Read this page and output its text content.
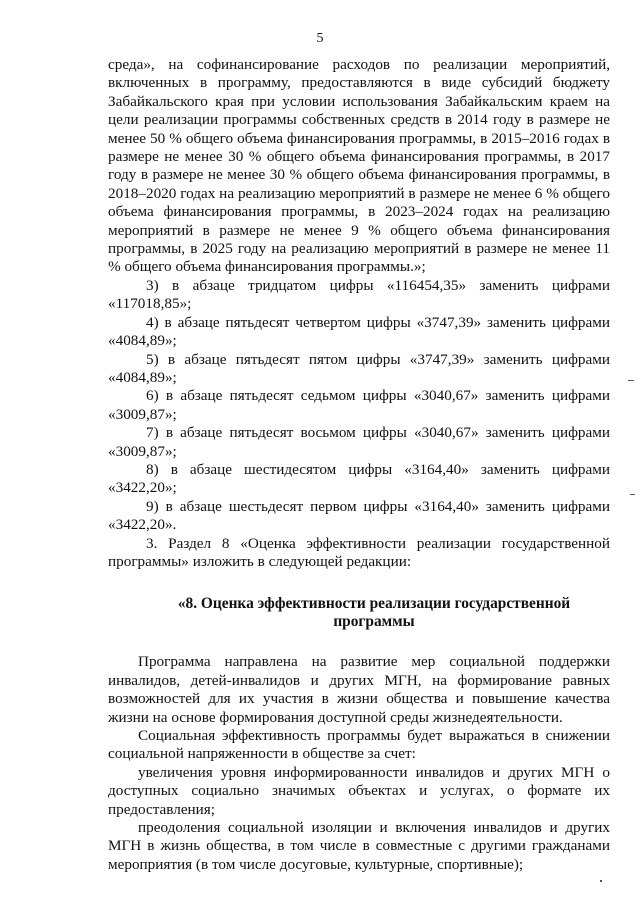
5

среда», на софинансирование расходов по реализации мероприятий, включенных в программу, предоставляются в виде субсидий бюджету Забайкальского края при условии использования Забайкальским краем на цели реализации программы собственных средств в 2014 году в размере не менее 50 % общего объема финансирования программы, в 2015–2016 годах в размере не менее 30 % общего объема финансирования программы, в 2017 году в размере не менее 30 % общего объема финансирования программы, в 2018–2020 годах на реализацию мероприятий в размере не менее 6 % общего объема финансирования программы, в 2023–2024 годах на реализацию мероприятий в размере не менее 9 % общего объема финансирования программы, в 2025 году на реализацию мероприятий в размере не менее 11 % общего объема финансирования программы.»;

3) в абзаце тридцатом цифры «116454,35» заменить цифрами «117018,85»;

4) в абзаце пятьдесят четвертом цифры «3747,39» заменить цифрами «4084,89»;

5) в абзаце пятьдесят пятом цифры «3747,39» заменить цифрами «4084,89»;

6) в абзаце пятьдесят седьмом цифры «3040,67» заменить цифрами «3009,87»;

7) в абзаце пятьдесят восьмом цифры «3040,67» заменить цифрами «3009,87»;

8) в абзаце шестидесятом цифры «3164,40» заменить цифрами «3422,20»;

9) в абзаце шестьдесят первом цифры «3164,40» заменить цифрами «3422,20».

3. Раздел 8 «Оценка эффективности реализации государственной программы» изложить в следующей редакции:

«8. Оценка эффективности реализации государственной программы

Программа направлена на развитие мер социальной поддержки инвалидов, детей-инвалидов и других МГН, на формирование равных возможностей для их участия в жизни общества и повышение качества жизни на основе формирования доступной среды жизнедеятельности.

Социальная эффективность программы будет выражаться в снижении социальной напряженности в обществе за счет:

увеличения уровня информированности инвалидов и других МГН о доступных социально значимых объектах и услугах, о формате их предоставления;

преодоления социальной изоляции и включения инвалидов и других МГН в жизнь общества, в том числе в совместные с другими гражданами мероприятия (в том числе досуговые, культурные, спортивные);
